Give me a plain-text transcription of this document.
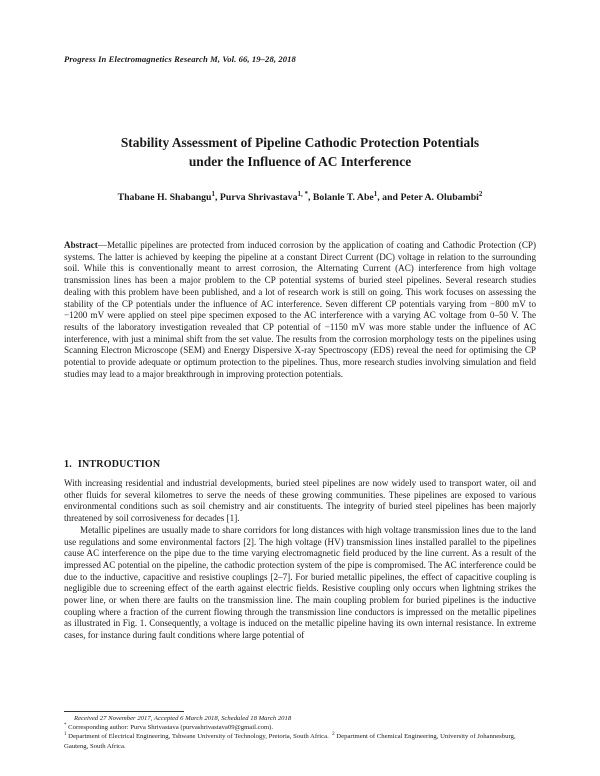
Progress In Electromagnetics Research M, Vol. 66, 19–28, 2018
Stability Assessment of Pipeline Cathodic Protection Potentials
under the Influence of AC Interference
Thabane H. Shabangu$^1$, Purva Shrivastava$^{1, *}$, Bolanle T. Abe$^1$, and Peter A. Olubambi$^2$
Abstract—Metallic pipelines are protected from induced corrosion by the application of coating and Cathodic Protection (CP) systems. The latter is achieved by keeping the pipeline at a constant Direct Current (DC) voltage in relation to the surrounding soil. While this is conventionally meant to arrest corrosion, the Alternating Current (AC) interference from high voltage transmission lines has been a major problem to the CP potential systems of buried steel pipelines. Several research studies dealing with this problem have been published, and a lot of research work is still on going. This work focuses on assessing the stability of the CP potentials under the influence of AC interference. Seven different CP potentials varying from −800 mV to −1200 mV were applied on steel pipe specimen exposed to the AC interference with a varying AC voltage from 0–50 V. The results of the laboratory investigation revealed that CP potential of −1150 mV was more stable under the influence of AC interference, with just a minimal shift from the set value. The results from the corrosion morphology tests on the pipelines using Scanning Electron Microscope (SEM) and Energy Dispersive X-ray Spectroscopy (EDS) reveal the need for optimising the CP potential to provide adequate or optimum protection to the pipelines. Thus, more research studies involving simulation and field studies may lead to a major breakthrough in improving protection potentials.
1. INTRODUCTION

With increasing residential and industrial developments, buried steel pipelines are now widely used to transport water, oil and other fluids for several kilometres to serve the needs of these growing communities. These pipelines are exposed to various environmental conditions such as soil chemistry and air constituents. The integrity of buried steel pipelines has been majorly threatened by soil corrosiveness for decades [1].

Metallic pipelines are usually made to share corridors for long distances with high voltage transmission lines due to the land use regulations and some environmental factors [2]. The high voltage (HV) transmission lines installed parallel to the pipelines cause AC interference on the pipe due to the time varying electromagnetic field produced by the line current. As a result of the impressed AC potential on the pipeline, the cathodic protection system of the pipe is compromised. The AC interference could be due to the inductive, capacitive and resistive couplings [2–7]. For buried metallic pipelines, the effect of capacitive coupling is negligible due to screening effect of the earth against electric fields. Resistive coupling only occurs when lightning strikes the power line, or when there are faults on the transmission line. The main coupling problem for buried pipelines is the inductive coupling where a fraction of the current flowing through the transmission line conductors is impressed on the metallic pipelines as illustrated in Fig. 1. Consequently, a voltage is induced on the metallic pipeline having its own internal resistance. In extreme cases, for instance during fault conditions where large potential of

Received 27 November 2017, Accepted 6 March 2018, Scheduled 18 March 2018
* Corresponding author: Purva Shrivastava (purvashrivastava09@gmail.com).
$^1$ Department of Electrical Engineering, Tshwane University of Technology, Pretoria, South Africa. $^2$ Department of Chemical Engineering, University of Johannesburg, Gauteng, South Africa.
